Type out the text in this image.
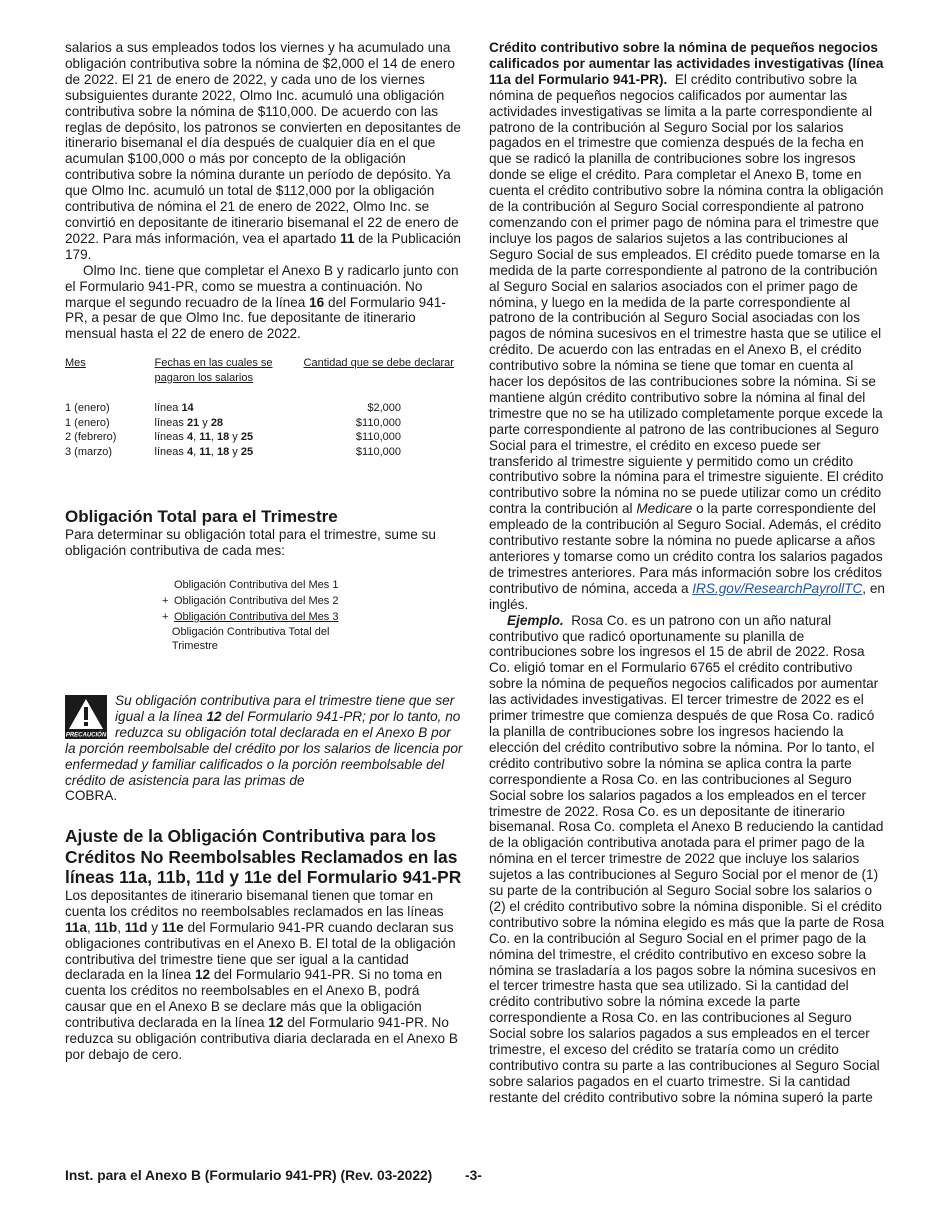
salarios a sus empleados todos los viernes y ha acumulado una obligación contributiva sobre la nómina de $2,000 el 14 de enero de 2022. El 21 de enero de 2022, y cada uno de los viernes subsiguientes durante 2022, Olmo Inc. acumuló una obligación contributiva sobre la nómina de $110,000. De acuerdo con las reglas de depósito, los patronos se convierten en depositantes de itinerario bisemanal el día después de cualquier día en el que acumulan $100,000 o más por concepto de la obligación contributiva sobre la nómina durante un período de depósito. Ya que Olmo Inc. acumuló un total de $112,000 por la obligación contributiva de nómina el 21 de enero de 2022, Olmo Inc. se convirtió en depositante de itinerario bisemanal el 22 de enero de 2022. Para más información, vea el apartado 11 de la Publicación 179.

Olmo Inc. tiene que completar el Anexo B y radicarlo junto con el Formulario 941-PR, como se muestra a continuación. No marque el segundo recuadro de la línea 16 del Formulario 941-PR, a pesar de que Olmo Inc. fue depositante de itinerario mensual hasta el 22 de enero de 2022.

Mes	Fechas en las cuales se pagaron los salarios	Cantidad que se debe declarar

1 (enero)	línea 14	$2,000
1 (enero)	líneas 21 y 28	$110,000
2 (febrero)	líneas 4, 11, 18 y 25	$110,000
3 (marzo)	líneas 4, 11, 18 y 25	$110,000
Obligación Total para el Trimestre

Para determinar su obligación total para el trimestre, sume su obligación contributiva de cada mes:

Obligación Contributiva del Mes 1
+ Obligación Contributiva del Mes 2
+ Obligación Contributiva del Mes 3
Obligación Contributiva Total del Trimestre
PRECAUCIÓN
Su obligación contributiva para el trimestre tiene que ser igual a la línea 12 del Formulario 941-PR; por lo tanto, no reduzca su obligación total declarada en el Anexo B por la porción reembolsable del crédito por los salarios de licencia por enfermedad y familiar calificados o la porción reembolsable del crédito de asistencia para las primas de
COBRA.
Ajuste de la Obligación Contributiva para los Créditos No Reembolsables Reclamados en las líneas 11a, 11b, 11d y 11e del Formulario 941-PR

Los depositantes de itinerario bisemanal tienen que tomar en cuenta los créditos no reembolsables reclamados en las líneas 11a, 11b, 11d y 11e del Formulario 941-PR cuando declaran sus obligaciones contributivas en el Anexo B. El total de la obligación contributiva del trimestre tiene que ser igual a la cantidad declarada en la línea 12 del Formulario 941-PR. Si no toma en cuenta los créditos no reembolsables en el Anexo B, podrá causar que en el Anexo B se declare más que la obligación contributiva declarada en la línea 12 del Formulario 941-PR. No reduzca su obligación contributiva diaria declarada en el Anexo B por debajo de cero.

Crédito contributivo sobre la nómina de pequeños negocios calificados por aumentar las actividades investigativas (línea 11a del Formulario 941-PR). El crédito contributivo sobre la nómina de pequeños negocios calificados por aumentar las actividades investigativas se limita a la parte correspondiente al patrono de la contribución al Seguro Social por los salarios pagados en el trimestre que comienza después de la fecha en que se radicó la planilla de contribuciones sobre los ingresos donde se elige el crédito. Para completar el Anexo B, tome en cuenta el crédito contributivo sobre la nómina contra la obligación de la contribución al Seguro Social correspondiente al patrono comenzando con el primer pago de nómina para el trimestre que incluye los pagos de salarios sujetos a las contribuciones al Seguro Social de sus empleados. El crédito puede tomarse en la medida de la parte correspondiente al patrono de la contribución al Seguro Social en salarios asociados con el primer pago de nómina, y luego en la medida de la parte correspondiente al patrono de la contribución al Seguro Social asociadas con los pagos de nómina sucesivos en el trimestre hasta que se utilice el crédito. De acuerdo con las entradas en el Anexo B, el crédito contributivo sobre la nómina se tiene que tomar en cuenta al hacer los depósitos de las contribuciones sobre la nómina. Si se mantiene algún crédito contributivo sobre la nómina al final del trimestre que no se ha utilizado completamente porque excede la parte correspondiente al patrono de las contribuciones al Seguro Social para el trimestre, el crédito en exceso puede ser transferido al trimestre siguiente y permitido como un crédito contributivo sobre la nómina para el trimestre siguiente. El crédito contributivo sobre la nómina no se puede utilizar como un crédito contra la contribución al Medicare o la parte correspondiente del empleado de la contribución al Seguro Social. Además, el crédito contributivo restante sobre la nómina no puede aplicarse a años anteriores y tomarse como un crédito contra los salarios pagados de trimestres anteriores. Para más información sobre los créditos contributivo de nómina, acceda a IRS.gov/ResearchPayrollTC, en inglés.

Ejemplo. Rosa Co. es un patrono con un año natural contributivo que radicó oportunamente su planilla de contribuciones sobre los ingresos el 15 de abril de 2022. Rosa Co. eligió tomar en el Formulario 6765 el crédito contributivo sobre la nómina de pequeños negocios calificados por aumentar las actividades investigativas. El tercer trimestre de 2022 es el primer trimestre que comienza después de que Rosa Co. radicó la planilla de contribuciones sobre los ingresos haciendo la elección del crédito contributivo sobre la nómina. Por lo tanto, el crédito contributivo sobre la nómina se aplica contra la parte correspondiente a Rosa Co. en las contribuciones al Seguro Social sobre los salarios pagados a los empleados en el tercer trimestre de 2022. Rosa Co. es un depositante de itinerario bisemanal. Rosa Co. completa el Anexo B reduciendo la cantidad de la obligación contributiva anotada para el primer pago de la nómina en el tercer trimestre de 2022 que incluye los salarios sujetos a las contribuciones al Seguro Social por el menor de (1) su parte de la contribución al Seguro Social sobre los salarios o (2) el crédito contributivo sobre la nómina disponible. Si el crédito contributivo sobre la nómina elegido es más que la parte de Rosa Co. en la contribución al Seguro Social en el primer pago de la nómina del trimestre, el crédito contributivo en exceso sobre la nómina se trasladaría a los pagos sobre la nómina sucesivos en el tercer trimestre hasta que sea utilizado. Si la cantidad del crédito contributivo sobre la nómina excede la parte correspondiente a Rosa Co. en las contribuciones al Seguro Social sobre los salarios pagados a sus empleados en el tercer trimestre, el exceso del crédito se trataría como un crédito contributivo contra su parte a las contribuciones al Seguro Social sobre salarios pagados en el cuarto trimestre. Si la cantidad restante del crédito contributivo sobre la nómina superó la parte

Inst. para el Anexo B (Formulario 941-PR) (Rev. 03-2022) -3-
